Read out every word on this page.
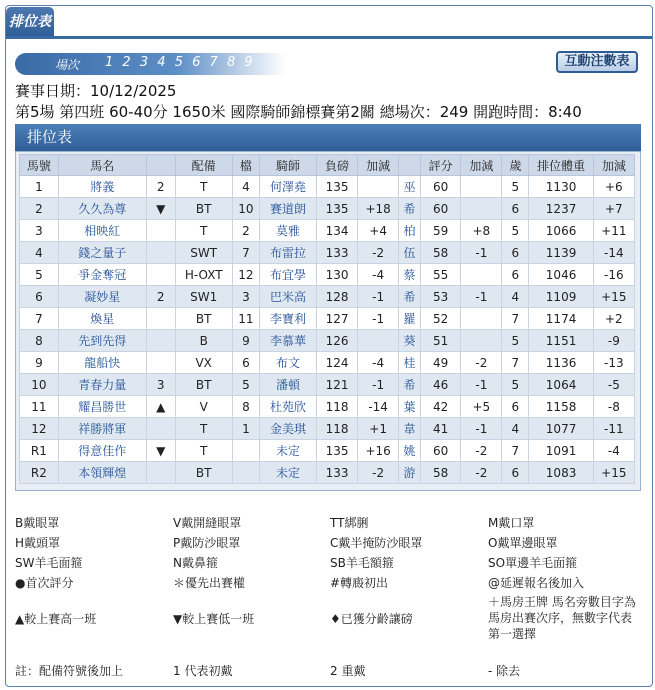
排位表
場次 1 2 3 4 5 6 7 8 9	互動注數表
賽事日期：10/12/2025
第5場 第四班 60-40分 1650米 國際騎師錦標賽第2關 總場次：249 開跑時間：8:40
排位表
馬號	馬名		配備	檔	騎師	負磅	加減		評分	加減	歲	排位體重	加減
1	將義	2	T	4	何澤堯	135		巫	60		5	1130	+6
2	久久為尊	▼	BT	10	賽道朗	135	+18	希	60		6	1237	+7
3	相映紅		T	2	莫雅	134	+4	柏	59	+8	5	1066	+11
4	錢之量子		SWT	7	布雷拉	133	-2	伍	58	-1	6	1139	-14
5	爭金奪冠		H-OXT	12	布宜學	130	-4	蔡	55		6	1046	-16
6	凝妙星	2	SW1	3	巴米高	128	-1	希	53	-1	4	1109	+15
7	煥星		BT	11	李寶利	127	-1	羅	52		7	1174	+2
8	先到先得		B	9	李慕華	126		葵	51		5	1151	-9
9	龍船快		VX	6	布文	124	-4	桂	49	-2	7	1136	-13
10	青春力量	3	BT	5	潘頓	121	-1	希	46	-1	5	1064	-5
11	耀昌勝世	▲	V	8	杜苑欣	118	-14	葉	42	+5	6	1158	-8
12	祥勝將軍		T	1	金美琪	118	+1	韋	41	-1	4	1077	-11
R1	得意佳作	▼	T		未定	135	+16	姚	60	-2	7	1091	-4
R2	本領輝煌		BT		未定	133	-2	游	58	-2	6	1083	+15
B戴眼罩	V戴開縫眼罩	TT綁脷	M戴口罩
H戴頭罩	P戴防沙眼罩	C戴半掩防沙眼罩	O戴單邊眼罩
SW羊毛面箍	N戴鼻箍	SB羊毛額箍	SO單邊羊毛面箍
●首次評分	＊優先出賽權	#轉廄初出	@延遲報名後加入
▲較上賽高一班	▼較上賽低一班	♦已獲分齡讓磅
＋馬房王牌 馬名旁數目字為馬房出賽次序，無數字代表第一選擇
註：配備符號後加上	1 代表初戴	2 重戴	- 除去
